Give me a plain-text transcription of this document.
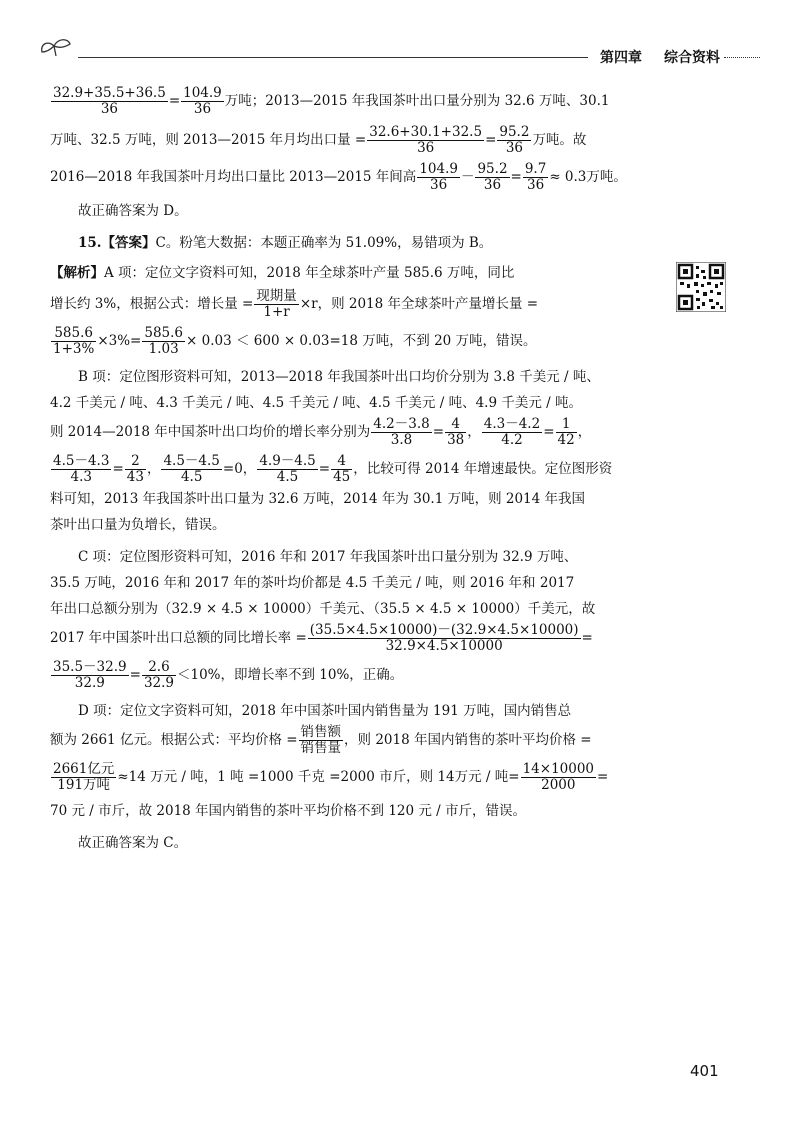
第四章 综合资料
$\frac{32.9+35.5+36.5}{36} = \frac{104.9}{36}$ 万吨；2013—2015 年我国茶叶出口量分别为 32.6 万吨、30.1
万吨、32.5 万吨，则 2013—2015 年月均出口量 = $\frac{32.6+30.1+32.5}{36} = \frac{95.2}{36}$ 万吨。故
2016—2018 年我国茶叶月均出口量比 2013—2015 年间高 $\frac{104.9}{36} - \frac{95.2}{36} = \frac{9.7}{36} \approx 0.3$万吨。
故正确答案为 D。
15.【答案】C。粉笔大数据：本题正确率为 51.09%，易错项为 B。
【解析】A 项：定位文字资料可知，2018 年全球茶叶产量 585.6 万吨，同比
增长约 3%，根据公式：增长量 = $\frac{\text{现期量}}{1+r} \times r$，则 2018 年全球茶叶产量增长量 =
$\frac{585.6}{1+3\%} \times 3\%= \frac{585.6}{1.03} \times 0.03 < 600 \times 0.03=18$ 万吨，不到 20 万吨，错误。
B 项：定位图形资料可知，2013—2018 年我国茶叶出口均价分别为 3.8 千美元 / 吨、
4.2 千美元 / 吨、4.3 千美元 / 吨、4.5 千美元 / 吨、4.5 千美元 / 吨、4.9 千美元 / 吨。
则 2014—2018 年中国茶叶出口均价的增长率分别为 $\frac{4.2-3.8}{3.8} = \frac{4}{38}$ ， $\frac{4.3-4.2}{4.2} = \frac{1}{42}$ ，
$\frac{4.5-4.3}{4.3} = \frac{2}{43}$ ， $\frac{4.5-4.5}{4.5} =0$， $\frac{4.9-4.5}{4.5} = \frac{4}{45}$ ，比较可得 2014 年增速最快。定位图形资
料可知，2013 年我国茶叶出口量为 32.6 万吨，2014 年为 30.1 万吨，则 2014 年我国
茶叶出口量为负增长，错误。
C 项：定位图形资料可知，2016 年和 2017 年我国茶叶出口量分别为 32.9 万吨、
35.5 万吨，2016 年和 2017 年的茶叶均价都是 4.5 千美元 / 吨，则 2016 年和 2017
年出口总额分别为（32.9 × 4.5 × 10000）千美元、（35.5 × 4.5 × 10000）千美元，故
2017 年中国茶叶出口总额的同比增长率 = $\frac{(35.5\times 4.5\times 10000)-(32.9\times 4.5\times 10000)}{32.9\times 4.5\times 10000}$ =
$\frac{35.5-32.9}{32.9} = \frac{2.6}{32.9} <10\%$，即增长率不到 10%，正确。
D 项：定位文字资料可知，2018 年中国茶叶国内销售量为 191 万吨，国内销售总
额为 2661 亿元。根据公式：平均价格 = $\frac{\text{销售额}}{\text{销售量}}$ ，则 2018 年国内销售的茶叶平均价格 =
$\frac{\text{2661亿元}}{\text{191万吨}} \approx 14$ 万元 / 吨，1 吨 =1000 千克 =2000 市斤，则 14万元 / 吨= $\frac{14\times 10000}{2000}$ =
70 元 / 市斤，故 2018 年国内销售的茶叶平均价格不到 120 元 / 市斤，错误。
故正确答案为 C。
401
